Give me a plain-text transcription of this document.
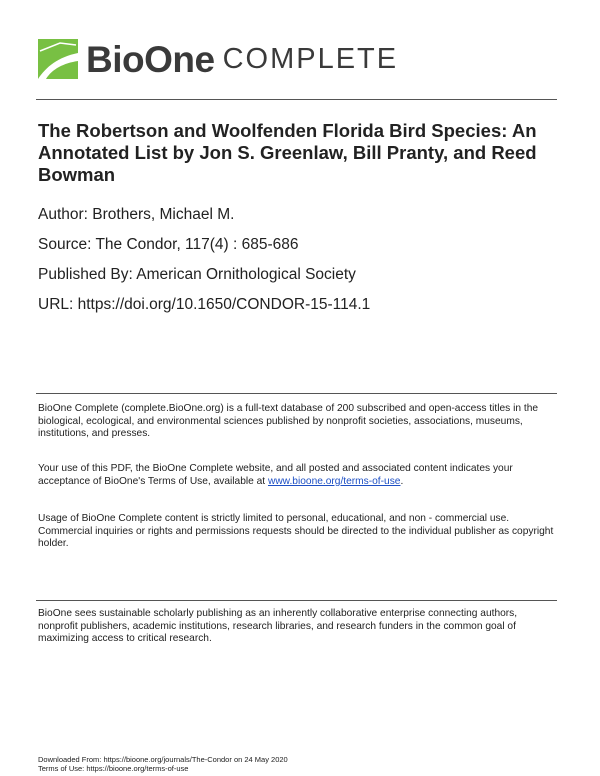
BioOne COMPLETE
The Robertson and Woolfenden Florida Bird Species: An Annotated List by Jon S. Greenlaw, Bill Pranty, and Reed Bowman
Author: Brothers, Michael M.
Source: The Condor, 117(4) : 685-686
Published By: American Ornithological Society
URL: https://doi.org/10.1650/CONDOR-15-114.1
BioOne Complete (complete.BioOne.org) is a full-text database of 200 subscribed and open-access titles in the biological, ecological, and environmental sciences published by nonprofit societies, associations, museums, institutions, and presses.
Your use of this PDF, the BioOne Complete website, and all posted and associated content indicates your acceptance of BioOne's Terms of Use, available at www.bioone.org/terms-of-use.
Usage of BioOne Complete content is strictly limited to personal, educational, and non - commercial use. Commercial inquiries or rights and permissions requests should be directed to the individual publisher as copyright holder.
BioOne sees sustainable scholarly publishing as an inherently collaborative enterprise connecting authors, nonprofit publishers, academic institutions, research libraries, and research funders in the common goal of maximizing access to critical research.
Downloaded From: https://bioone.org/journals/The-Condor on 24 May 2020
Terms of Use: https://bioone.org/terms-of-use
